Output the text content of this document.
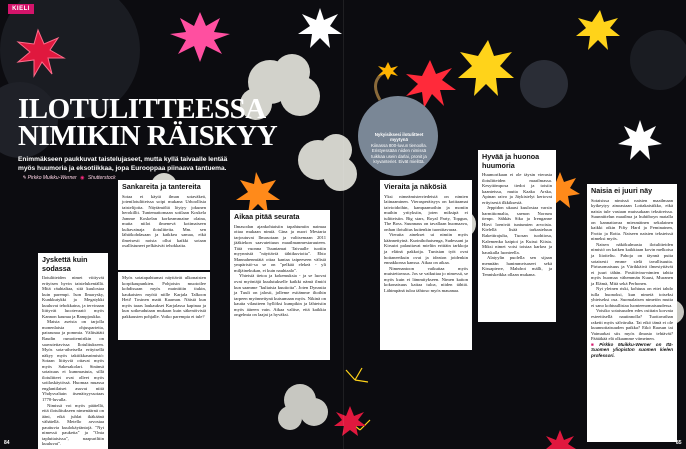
KIELI
ILOTULITTEESSA
NIMIKIN RÄISKYY

Enimmäkseen paukkuvat taistelujaseet, mutta kyllä taivaalle lentää myös huumoria ja eksotiikkaa, jopa Eurooppaa piinaava tantuema.

✎ Pirkko Muikku-Werner ◉ Shutterstock
Nykyisiksesi ilotulitteet myytynä
Kiinassa 800-luvun tienoolla. Eristyessään niiden nimissä tuikkaa usein darlai, pronit ja kryvanteriet. Eivät mielittä.
Jyskettä kuin sodassa

Ilotulitteiden nimet viittyvät erityisen hyvin taistelukentällä. Mitä räuhtaltaa, sitä kuulostaa kuin parempi. Ison Ilmarysky, Kunkkutykki ja Megatykki kuuluvat tehokkaina, ja tervinaan liittyvät lucotevaatö myös Kannon kaunua ja Rampjoukko.

Maista aseista on tarjolla monenlaisia ohjusparteita, patraunaa ja pommia. Välitsätäti Raudin rumoitemirikin on saavutettavissa Ilotulitukseen. Myös sota-aiheisella erityisellä näkyy myös taktiikkasnimistö: Sotaan liittyviä ottavat myös myös Sakesakolari. Sinänsä sotaisuus ei kummastuta, sillä ilotulitteet ovat olleet myös sotilaskäytössä. Huomaa muassa englantilaiset asuvat niitä Yhdysvaltain itsenäisyyssotaas 1770-luvulla.

Nimissä voi myös päätellä, että ilotulitukseen nimenäärnä on ääni, eikä juhlat ikäkäänä vähätellä. Metello arvostaa pauttuvia kuulokäytäntojä. "Nyt nimessä pauketta" ja "Onta tapluttaisissa", naapuriltiin kuuluvat".

Sankareita ja tantereita

Sotaa ei käytä ilman sotaväkeä, jotenilotulitteissa soipi mukana Urhoollisia taistelijoita. Näytämöltä löytyy jokunen herokillit. Tuntemattomaan sotilaan Koskela Jamme Koskelan korkeammaine olaina, mutta niiloi ilmenevä kotimaiseen kultavainaja ilotulitteita. Mm. sen lähtökohdasaan ja kaikkea samaa, eikä ilmeisesti noista ollut kaikki sotaan osallistuneet pelkäsivät tehokkaita.

Myös sotatapahtumat näyttävät ulkonaisten korpikaupunkien. Pohjoisin muotoilee kohdissaan myös mainittiin tiukin, kaukaisten myötä niille Karjala Talkoon Heti! Tosinen matti Kaarnan. Näistä kun myös taaas laukaukset Karjalassa kapinaa ja kun sotkeudutaan mukaan kuin säkenöivistä pakkausten pohjalle. Voiko parempia ei tule?

Aikaa pitää seurata

Ilmasodan ajankohtaisiin tapahtumiin naimaa ottaa mukaan nimiä. Gina ja nuori Mestaria tarjoutuvat Ilmasotaan ja valitsemaan 2011 jääkiekon saavutettuun maailmanmestaruuteen. Tätä vuonna Tuuntamat Taivaalle tuotiin myynnistä "näyttäviä tähtikuvioita". Ehto Mannahenmiätä ottaa kantaa taipeeseen välistä ympäristö-sa se on "pelkää elekeä - yli miljäinekukan, ei kuin nauhtaalo".

Yhteisiä tietoa ja kokemuksia - ja se luovat ovat myöntäjä kuulutukselle kaikki nämä ilmiöt kun saamme "kultaisia kuutioita". Joten Dynastia ja Tuuli on jalosti, jolleme esitämme iltoihin tarpeen myönnettynä kutsumaan myös. Nikinä on kautta vilautteen hyllöksi kumpikin ja lähteisiin myös ääreen vain. Aikaa valitse, että kaikkia ongelmia on laajat ja hyväksi.

Vieraita ja näkösiä

Yksi nimeämisterriedeistä on nimien laiinaaminen. Vierasperäisyys on kotitaamat taivioidoihin, kampaamoihin ja moniin muihin yrityksiin, joten miksipä ei tulitteisiin. Big stars, Royal Party, Topgun, The Boss. Suunnaus on tavallaan huomaava, onhan ilotulitus kuitenkin tuontitavaraa.

Vieraita ainekset ui nimiin myös käännettyinä. Kurinihohaisenga, Sudessani ja Kirsutri palauttavat mieliin erittäin tarkkoja ja eläinä pakkoija. Tunisian työt ovat hoitaneetkuin ovat ja ideaton joidenkin ennakkonsa kanssa. Aikaa on aikaa.

Nimenantoon vaikuttaa myös muistettavuus. Jos se vaikuttaa jo nimessä, se myös kuin ei lämmitykseen. Nimen kaiton kokonaisuus kaitaa tuloa, niiden tähtiä. Lähimpänä tuloa tähtoso myös mauanaa.

Hyvää ja huonoa huumoria

Huumorikaan ei ole täysin vierasta ilotulitteiden maailmassa. Kesyttömposa tiedot ja toisiin kaanteissa, mutta Kaaka Arska, Apinan raivo ja Jäykistelyt kertovat erityisestä ilkkiksestä.

Jeppidon ukaasi kuulostaa varsin harmittomalta, saenon Norrum tienpc. Sähkäs Sika ja Irenganne Hirvi loenivät tuntumien arvoista. Kielellä lisää tarkasteluun Rakettirajulta, Tuosan tuohtiosa, Kalemenka kaipioi ja Kuissi Kiista. Miksi nimet voisi toistaa karkea ja hauskalla luonteella.

Alatyylin puolella sen sijaan mennään hanimmeisaseet sekä Kissapierre, Mahdrot mälli, ja Tenniskeikka ollaan mukana.

Naisia ei juuri näy

Sotaisissa nimissä naisten maailmaan kytkeytyy ainoastaan Lottakaistikko, eikä naisia tule vastaan muissakaan tekstireissa. Suunnittelun maailma ja huhtiboyn matalla on kannattavaa miesmäinen sekalainen kaikki oikin Fifty Hard ja Feminainen, Frotto ja Rotta. Naiseen naisten teksteissä nimeksi myös.

Naisen näkökulmasta ilotulitteiden nimistö on kaiken kaikkiaan kovin melkoisa ja liioiteltu. Pahoja on täynnä puita sotaisesti emme sielä tavallisuutta. Pirtusomaisuus ja Värikkäivä ilmestyttävät ei juuri tähän. Positiivina-nimien tahtia myös huomaa vähemmän Kuusi, Muranen ja Elämä, Mitä sekä Perhonen.

Nyt yleinen riski, kohtuus on ettei tahdo tulla huonoksi, kun nimetä toiseksi yhteiseksi osa. Suomalaisen nimetön mutta ei sano kohtuullistaa luonteenomaisuudessa.

Voisiko sotaisuuden edes osittain korvata esteettisellä nautinnolla? Tuottavathan raketit myös sälvärulta. Tai eikö tämä ei ole kuunnottaisuuden paikka? Eikö Raasun tai Vaimarkat siis myös ilmasto tehtävät? Päätäkää elä olkaamme viimeinen.

■ Pirkko Muikku-Werner on Itä-Suomen yliopiston suomen kielen professori.

84	85
